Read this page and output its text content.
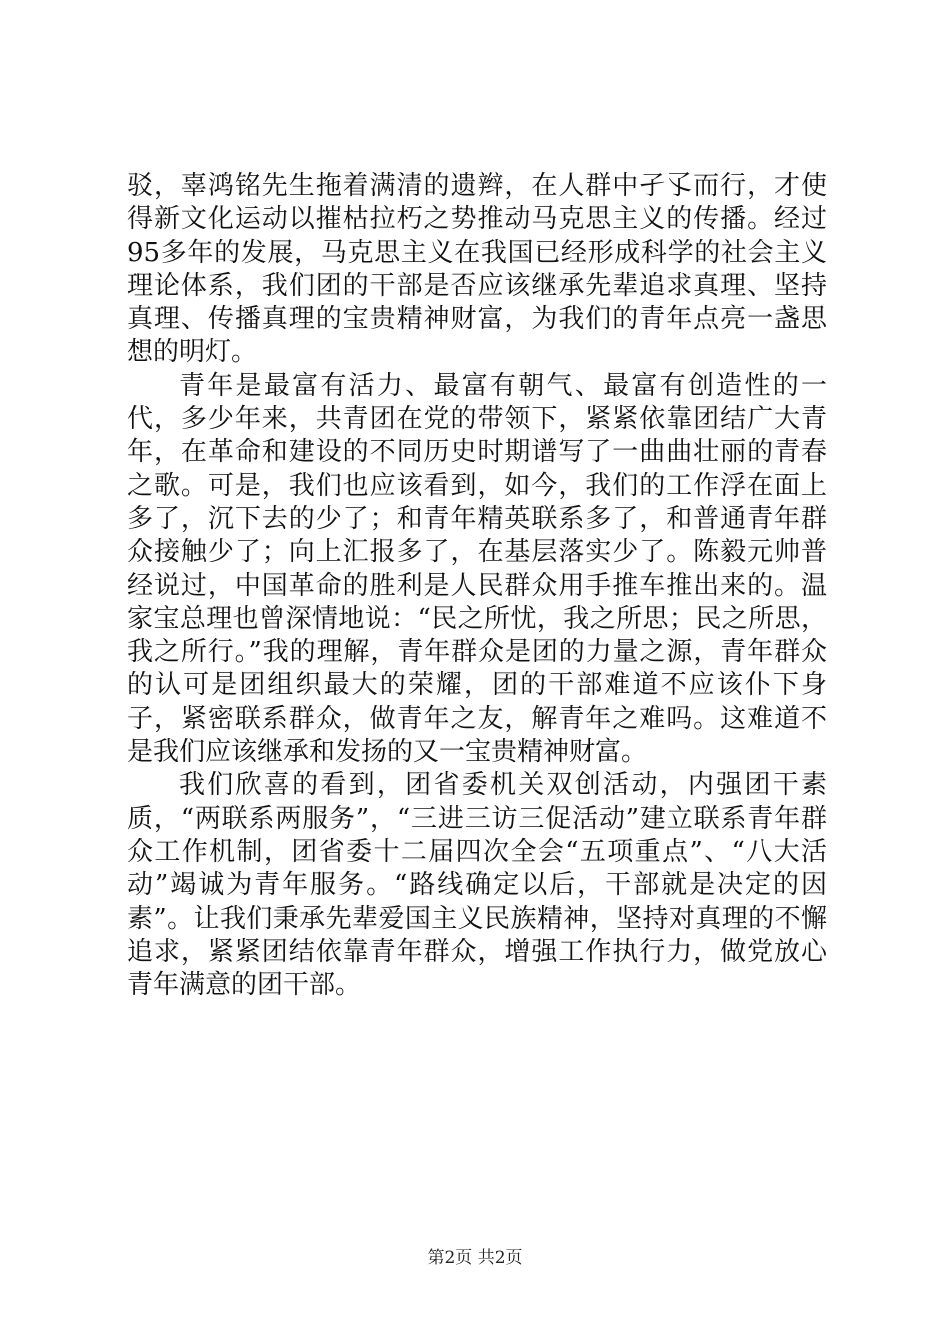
驳，辜鸿铭先生拖着满清的遗辫，在人群中孑孓而行，才使得新文化运动以摧枯拉朽之势推动马克思主义的传播。经过95多年的发展，马克思主义在我国已经形成科学的社会主义理论体系，我们团的干部是否应该继承先辈追求真理、坚持真理、传播真理的宝贵精神财富，为我们的青年点亮一盏思想的明灯。

青年是最富有活力、最富有朝气、最富有创造性的一代，多少年来，共青团在党的带领下，紧紧依靠团结广大青年，在革命和建设的不同历史时期谱写了一曲曲壮丽的青春之歌。可是，我们也应该看到，如今，我们的工作浮在面上多了，沉下去的少了；和青年精英联系多了，和普通青年群众接触少了；向上汇报多了，在基层落实少了。陈毅元帅普经说过，中国革命的胜利是人民群众用手推车推出来的。温家宝总理也曾深情地说：“民之所忧，我之所思；民之所思，我之所行。”我的理解，青年群众是团的力量之源，青年群众的认可是团组织最大的荣耀，团的干部难道不应该仆下身子，紧密联系群众，做青年之友，解青年之难吗。这难道不是我们应该继承和发扬的又一宝贵精神财富。

我们欣喜的看到，团省委机关双创活动，内强团干素质，“两联系两服务”，“三进三访三促活动”建立联系青年群众工作机制，团省委十二届四次全会“五项重点”、“八大活动”竭诚为青年服务。“路线确定以后，干部就是决定的因素”。让我们秉承先辈爱国主义民族精神，坚持对真理的不懈追求，紧紧团结依靠青年群众，增强工作执行力，做党放心青年满意的团干部。

第2页 共2页
